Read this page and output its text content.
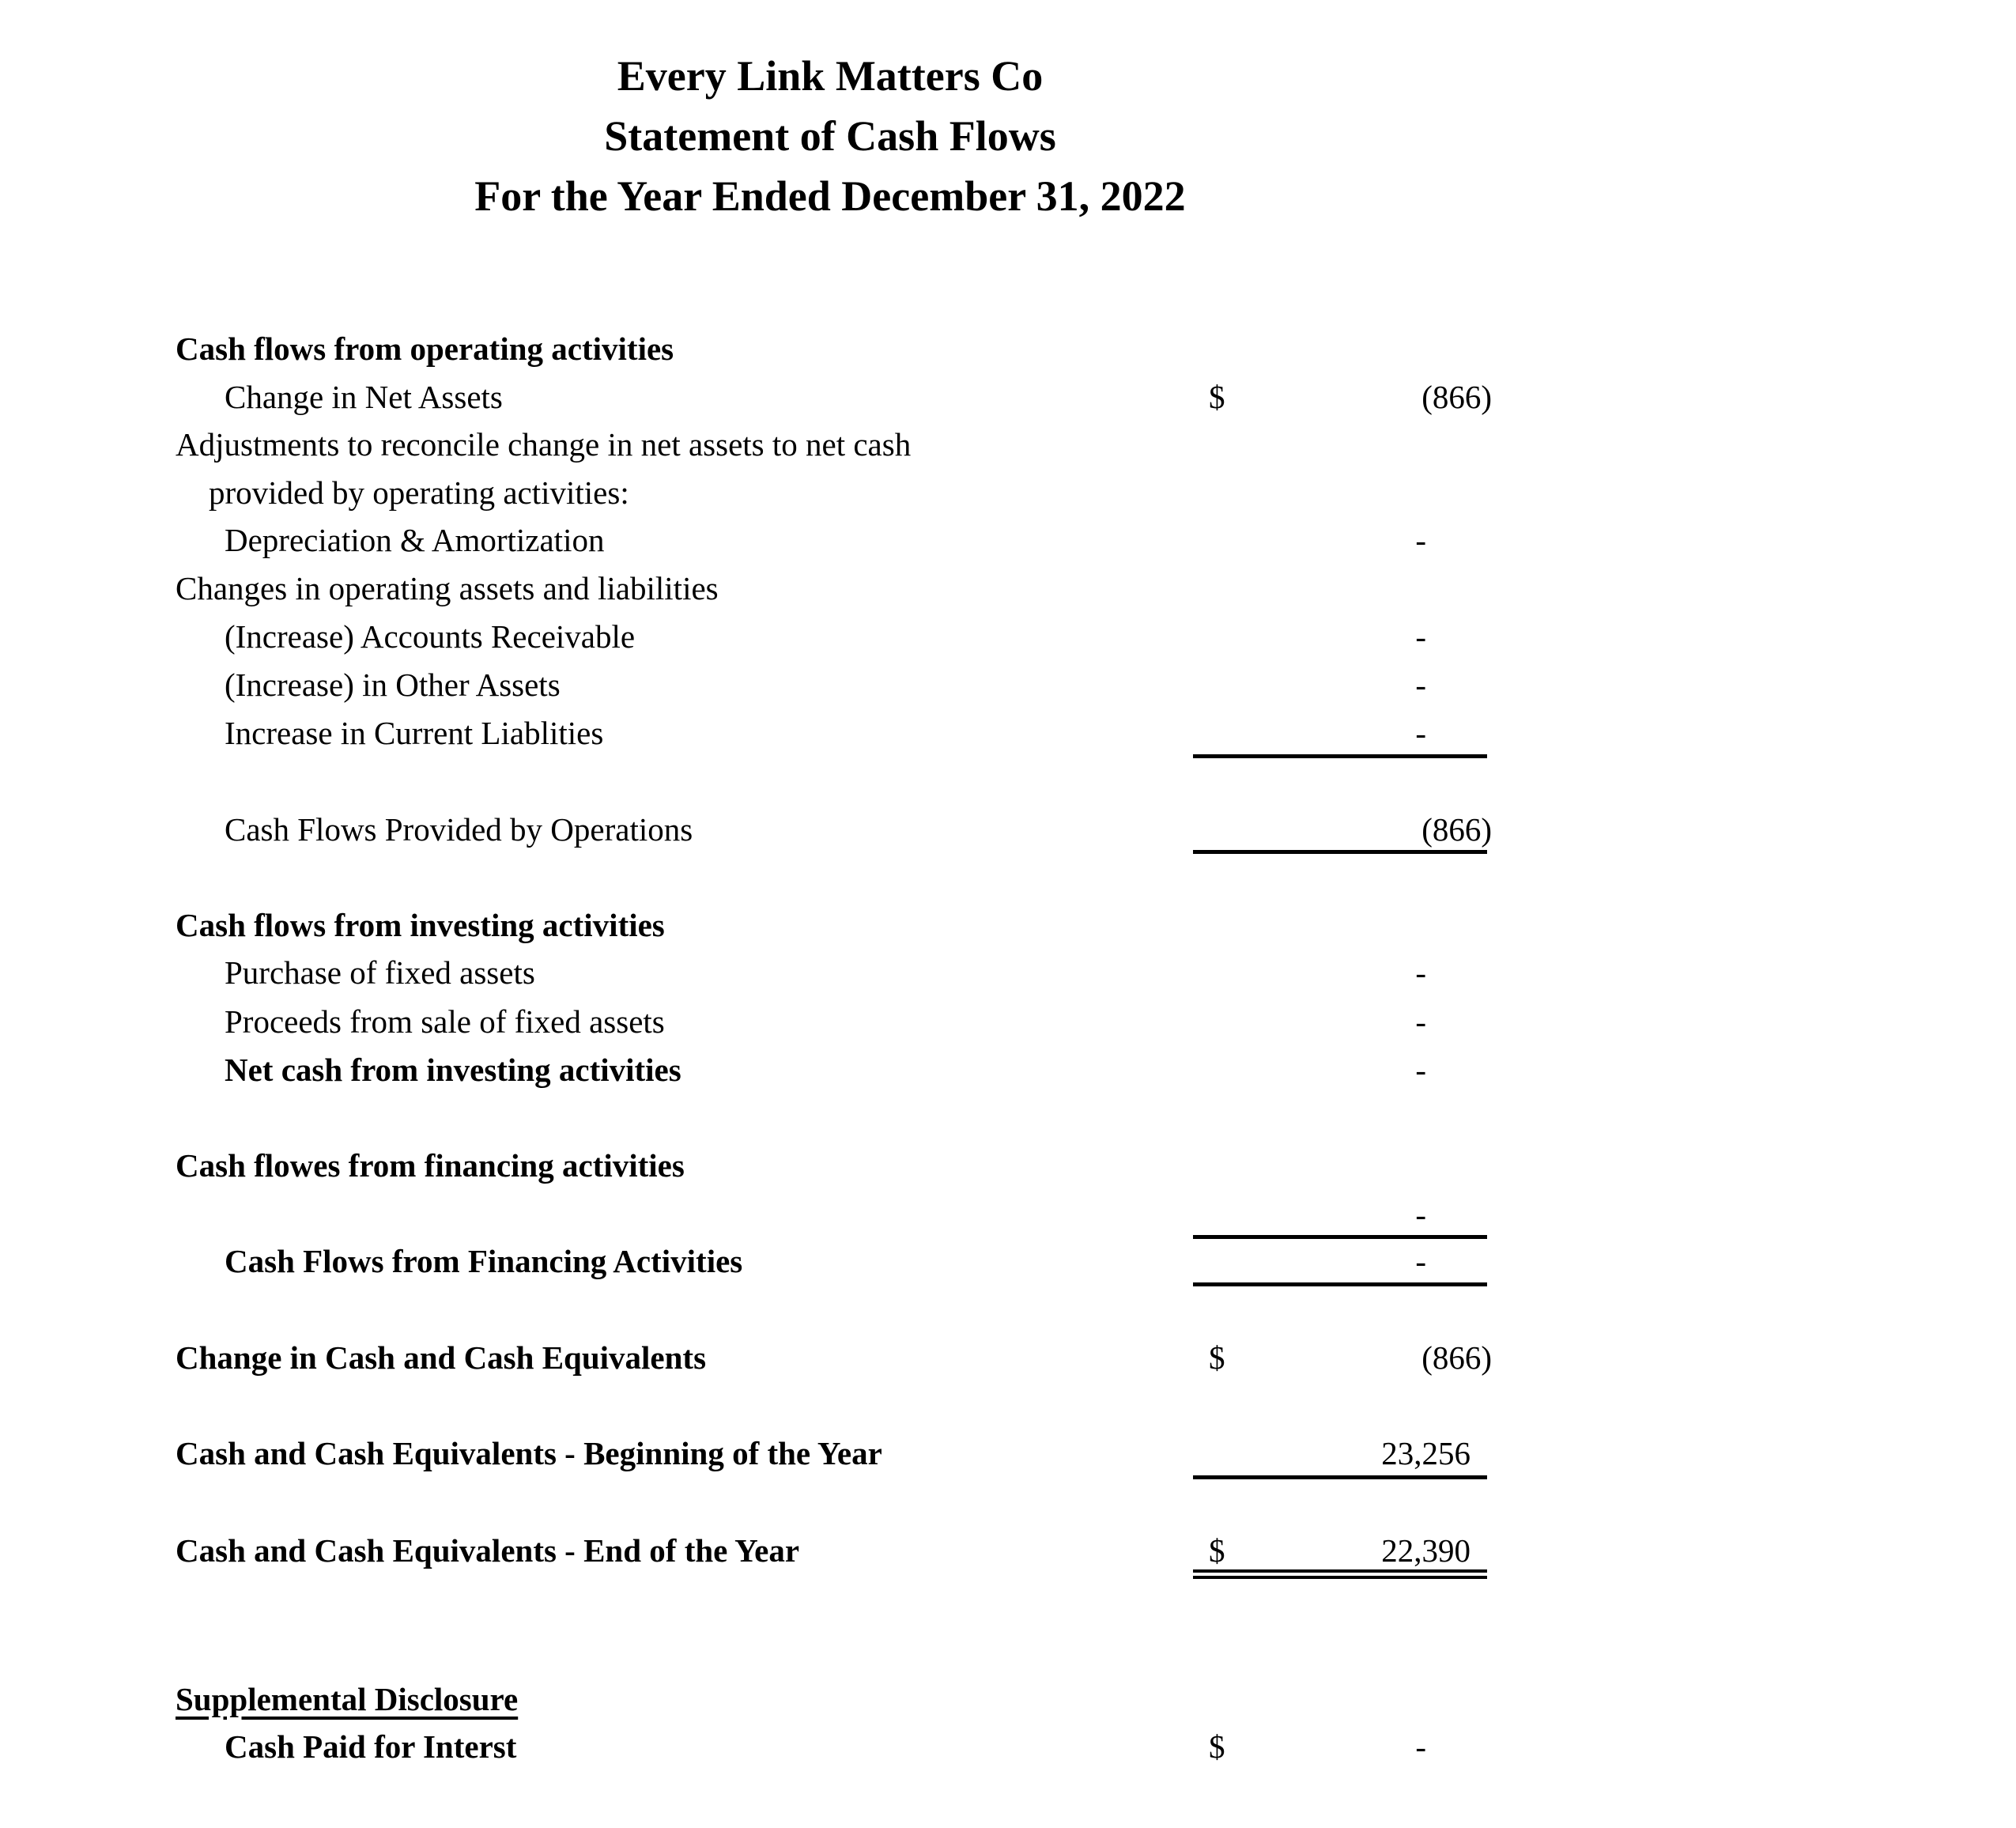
Every Link Matters Co
Statement of Cash Flows
For the Year Ended December 31, 2022
Cash flows from operating activities
Change in Net Assets	$	(866)
Adjustments to reconcile change in net assets to net cash
provided by operating activities:
Depreciation & Amortization	-
Changes in operating assets and liabilities
(Increase) Accounts Receivable	-
(Increase) in Other Assets	-
Increase in Current Liablities	-
Cash Flows Provided by Operations	(866)
Cash flows from investing activities
Purchase of fixed assets	-
Proceeds from sale of fixed assets	-
Net cash from investing activities	-
Cash flowes from financing activities
-
Cash Flows from Financing Activities	-
Change in Cash and Cash Equivalents	$	(866)
Cash and Cash Equivalents - Beginning of the Year	23,256
Cash and Cash Equivalents - End of the Year	$	22,390
Supplemental Disclosure
Cash Paid for Interst	$	-
